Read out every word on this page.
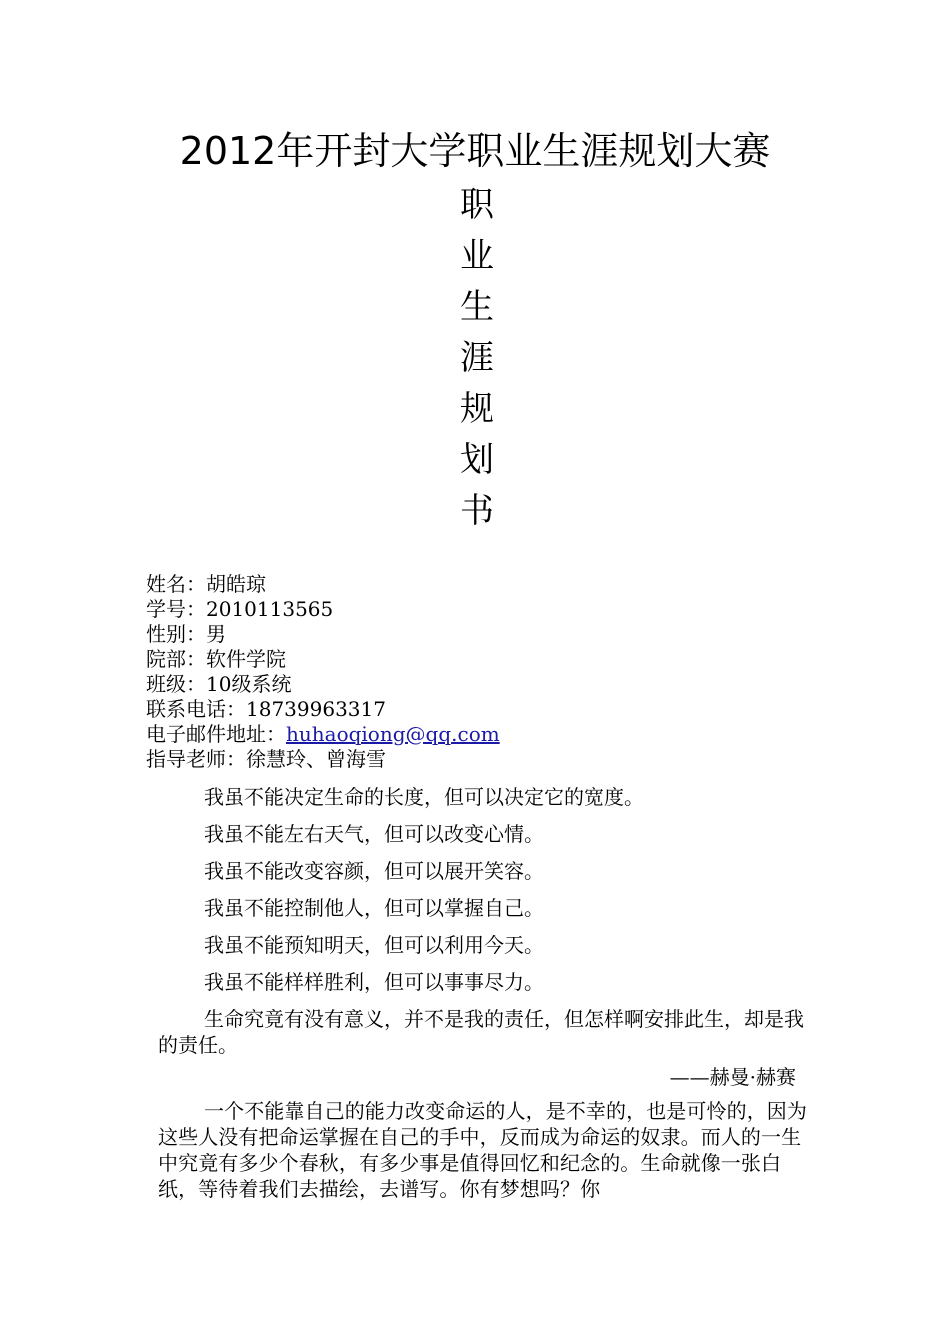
2012年开封大学职业生涯规划大赛
职
业
生
涯
规
划
书
姓名：胡皓琼
学号：2010113565
性别：男
院部：软件学院
班级：10级系统
联系电话：18739963317
电子邮件地址：huhaoqiong@qq.com
指导老师：徐慧玲、曾海雪

我虽不能决定生命的长度，但可以决定它的宽度。

我虽不能左右天气，但可以改变心情。

我虽不能改变容颜，但可以展开笑容。

我虽不能控制他人，但可以掌握自己。

我虽不能预知明天，但可以利用今天。

我虽不能样样胜利，但可以事事尽力。

生命究竟有没有意义，并不是我的责任，但怎样啊安排此生，却是我的责任。

——赫曼·赫赛

一个不能靠自己的能力改变命运的人，是不幸的，也是可怜的，因为这些人没有把命运掌握在自己的手中，反而成为命运的奴隶。而人的一生中究竟有多少个春秋，有多少事是值得回忆和纪念的。生命就像一张白纸，等待着我们去描绘，去谱写。你有梦想吗？你
